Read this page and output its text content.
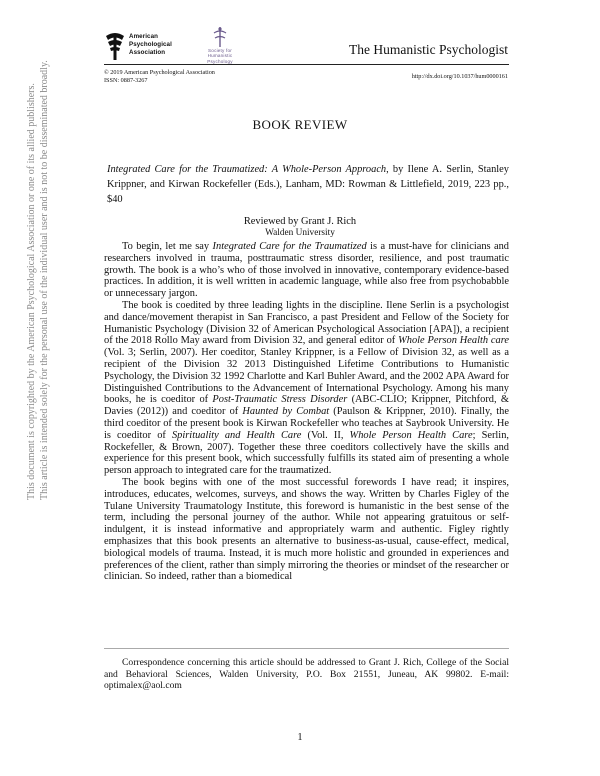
American
Psychological
Association	Society for
Humanistic
Psychology
The Humanistic Psychologist
© 2019 American Psychological Association
ISSN: 0887-3267
http://dx.doi.org/10.1037/hum0000161
This document is copyrighted by the American Psychological Association or one of its allied publishers. This article is intended solely for the personal use of the individual user and is not to be disseminated broadly.	BOOK REVIEW
Integrated Care for the Traumatized: A Whole-Person Approach, by Ilene A. Serlin, Stanley Krippner, and Kirwan Rockefeller (Eds.), Lanham, MD: Rowman & Littlefield, 2019, 223 pp., $40
Reviewed by Grant J. Rich
Walden University

To begin, let me say Integrated Care for the Traumatized is a must-have for clinicians and researchers involved in trauma, posttraumatic stress disorder, resilience, and post traumatic growth. The book is a who’s who of those involved in innovative, contemporary evidence-based practices. In addition, it is well written in academic language, while also free from psychobabble or unnecessary jargon.

The book is coedited by three leading lights in the discipline. Ilene Serlin is a psychologist and dance/movement therapist in San Francisco, a past President and Fellow of the Society for Humanistic Psychology (Division 32 of American Psychological Association [APA]), a recipient of the 2018 Rollo May award from Division 32, and general editor of Whole Person Health care (Vol. 3; Serlin, 2007). Her coeditor, Stanley Krippner, is a Fellow of Division 32, as well as a recipient of the Division 32 2013 Distinguished Lifetime Contributions to Humanistic Psychology, the Division 32 1992 Charlotte and Karl Buhler Award, and the 2002 APA Award for Distinguished Contributions to the Advancement of International Psychology. Among his many books, he is coeditor of Post-Traumatic Stress Disorder (ABC-CLIO; Krippner, Pitchford, & Davies (2012)) and coeditor of Haunted by Combat (Paulson & Krippner, 2010). Finally, the third coeditor of the present book is Kirwan Rockefeller who teaches at Saybrook University. He is coeditor of Spirituality and Health Care (Vol. II, Whole Person Health Care; Serlin, Rockefeller, & Brown, 2007). Together these three coeditors collectively have the skills and experience for this present book, which successfully fulfills its stated aim of presenting a whole person approach to integrated care for the traumatized.

The book begins with one of the most successful forewords I have read; it inspires, introduces, educates, welcomes, surveys, and shows the way. Written by Charles Figley of the Tulane University Traumatology Institute, this foreword is humanistic in the best sense of the term, including the personal journey of the author. While not appearing gratuitous or self-indulgent, it is instead informative and appropriately warm and authentic. Figley rightly emphasizes that this book presents an alternative to business-as-usual, cause-effect, medical, biological models of trauma. Instead, it is much more holistic and grounded in experiences and preferences of the client, rather than simply mirroring the theories or mindset of the researcher or clinician. So indeed, rather than a biomedical

Correspondence concerning this article should be addressed to Grant J. Rich, College of the Social and Behavioral Sciences, Walden University, P.O. Box 21551, Juneau, AK 99802. E-mail: optimalex@aol.com

1
